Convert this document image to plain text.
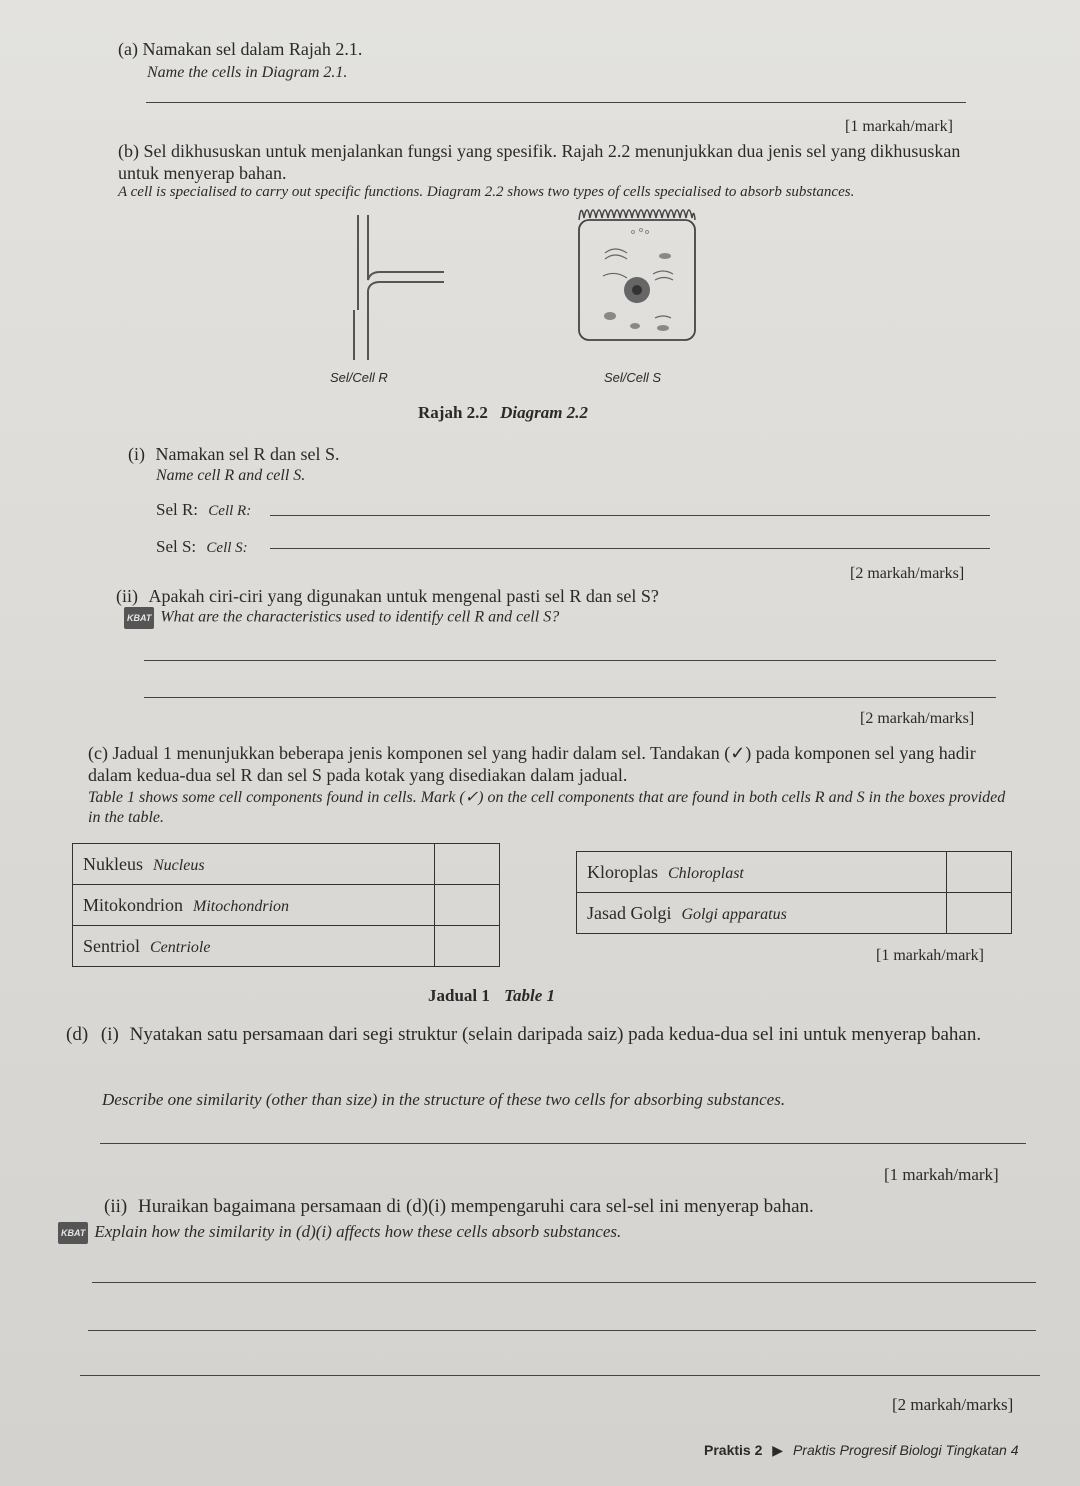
(a) Namakan sel dalam Rajah 2.1.
Name the cells in Diagram 2.1.
[1 markah/mark]
(b) Sel dikhususkan untuk menjalankan fungsi yang spesifik. Rajah 2.2 menunjukkan dua jenis sel yang dikhususkan untuk menyerap bahan.
A cell is specialised to carry out specific functions. Diagram 2.2 shows two types of cells specialised to absorb substances.
Sel/Cell R	Sel/Cell S
Rajah 2.2 Diagram 2.2
(i) Namakan sel R dan sel S.
Name cell R and cell S.
Sel R: Cell R:
Sel S: Cell S:
[2 markah/marks]
(ii) Apakah ciri-ciri yang digunakan untuk mengenal pasti sel R dan sel S?
KBAT What are the characteristics used to identify cell R and cell S?
[2 markah/marks]
(c) Jadual 1 menunjukkan beberapa jenis komponen sel yang hadir dalam sel. Tandakan (✓) pada komponen sel yang hadir dalam kedua-dua sel R dan sel S pada kotak yang disediakan dalam jadual.
Table 1 shows some cell components found in cells. Mark (✓) on the cell components that are found in both cells R and S in the boxes provided in the table.
Nukleus Nucleus	
Mitokondrion Mitochondrion	
Sentriol Centriole	
Kloroplas Chloroplast	
Jasad Golgi Golgi apparatus	
[1 markah/mark]
Jadual 1 Table 1
(d) (i) Nyatakan satu persamaan dari segi struktur (selain daripada saiz) pada kedua-dua sel ini untuk menyerap bahan.
Describe one similarity (other than size) in the structure of these two cells for absorbing substances.
[1 markah/mark]
(ii) Huraikan bagaimana persamaan di (d)(i) mempengaruhi cara sel-sel ini menyerap bahan.
KBAT Explain how the similarity in (d)(i) affects how these cells absorb substances.
[2 markah/marks]
Praktis 2 ▶ Praktis Progresif Biologi Tingkatan 4
